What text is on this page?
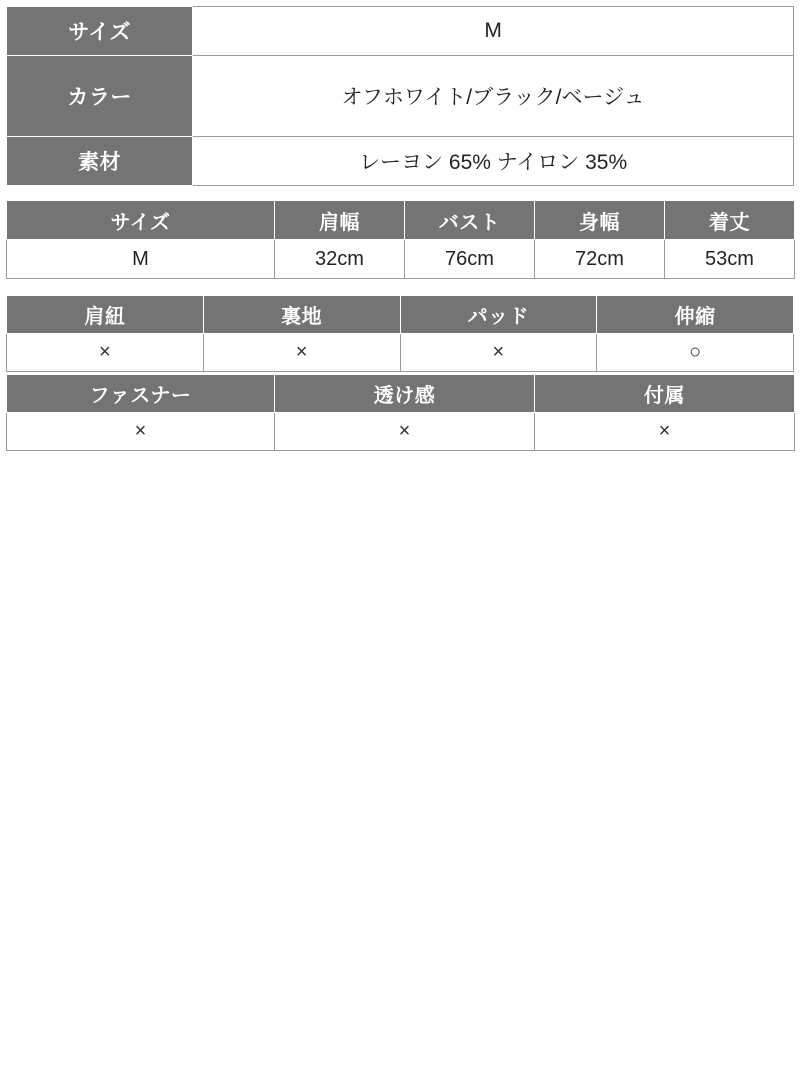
サイズ	M
カラー	オフホワイト/ブラック/ベージュ
素材	レーヨン 65% ナイロン 35%
サイズ	肩幅	バスト	身幅	着丈
M	32cm	76cm	72cm	53cm
肩紐	裏地	パッド	伸縮
×	×	×	○
ファスナー	透け感	付属
×	×	×
